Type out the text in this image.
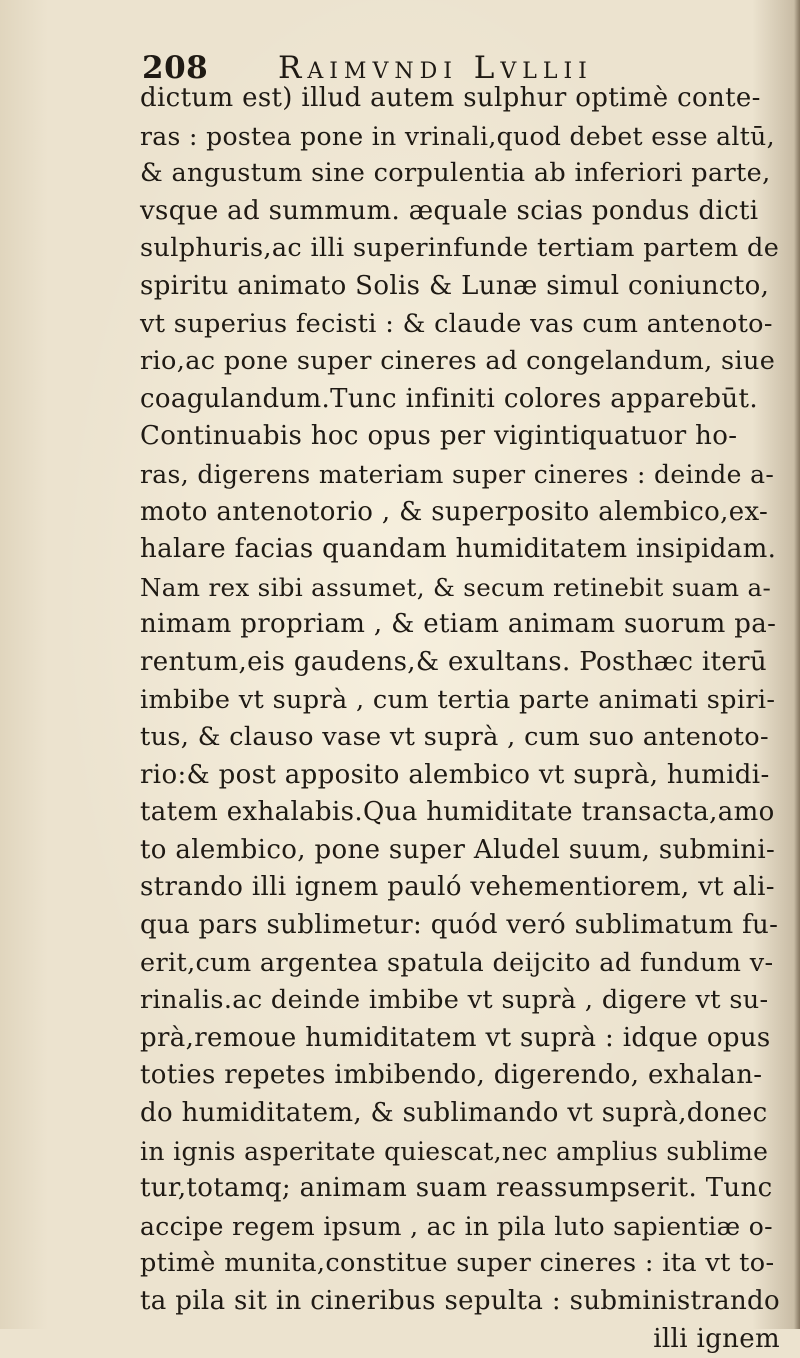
208 Raimvndi Lvllii
dictum est) illud autem sulphur optimè conte-
ras : postea pone in vrinali,quod debet esse altū,
& angustum sine corpulentia ab inferiori parte,
vsque ad summum. æquale scias pondus dicti
sulphuris,ac illi superinfunde tertiam partem de
spiritu animato Solis & Lunæ simul coniuncto,
vt superius fecisti : & claude vas cum antenoto-
rio,ac pone super cineres ad congelandum, siue
coagulandum.Tunc infiniti colores apparebūt.
Continuabis hoc opus per vigintiquatuor ho-
ras, digerens materiam super cineres : deinde a-
moto antenotorio , & superposito alembico,ex-
halare facias quandam humiditatem insipidam.
Nam rex sibi assumet, & secum retinebit suam a-
nimam propriam , & etiam animam suorum pa-
rentum,eis gaudens,& exultans. Posthæc iterū
imbibe vt suprà , cum tertia parte animati spiri-
tus, & clauso vase vt suprà , cum suo antenoto-
rio:& post apposito alembico vt suprà, humidi-
tatem exhalabis.Qua humiditate transacta,amo
to alembico, pone super Aludel suum, submini-
strando illi ignem pauló vehementiorem, vt ali-
qua pars sublimetur: quód veró sublimatum fu-
erit,cum argentea spatula deijcito ad fundum v-
rinalis.ac deinde imbibe vt suprà , digere vt su-
prà,remoue humiditatem vt suprà : idque opus
toties repetes imbibendo, digerendo, exhalan-
do humiditatem, & sublimando vt suprà,donec
in ignis asperitate quiescat,nec amplius sublime
tur,totamq; animam suam reassumpserit. Tunc
accipe regem ipsum , ac in pila luto sapientiæ o-
ptimè munita,constitue super cineres : ita vt to-
ta pila sit in cineribus sepulta : subministrando
illi ignem
